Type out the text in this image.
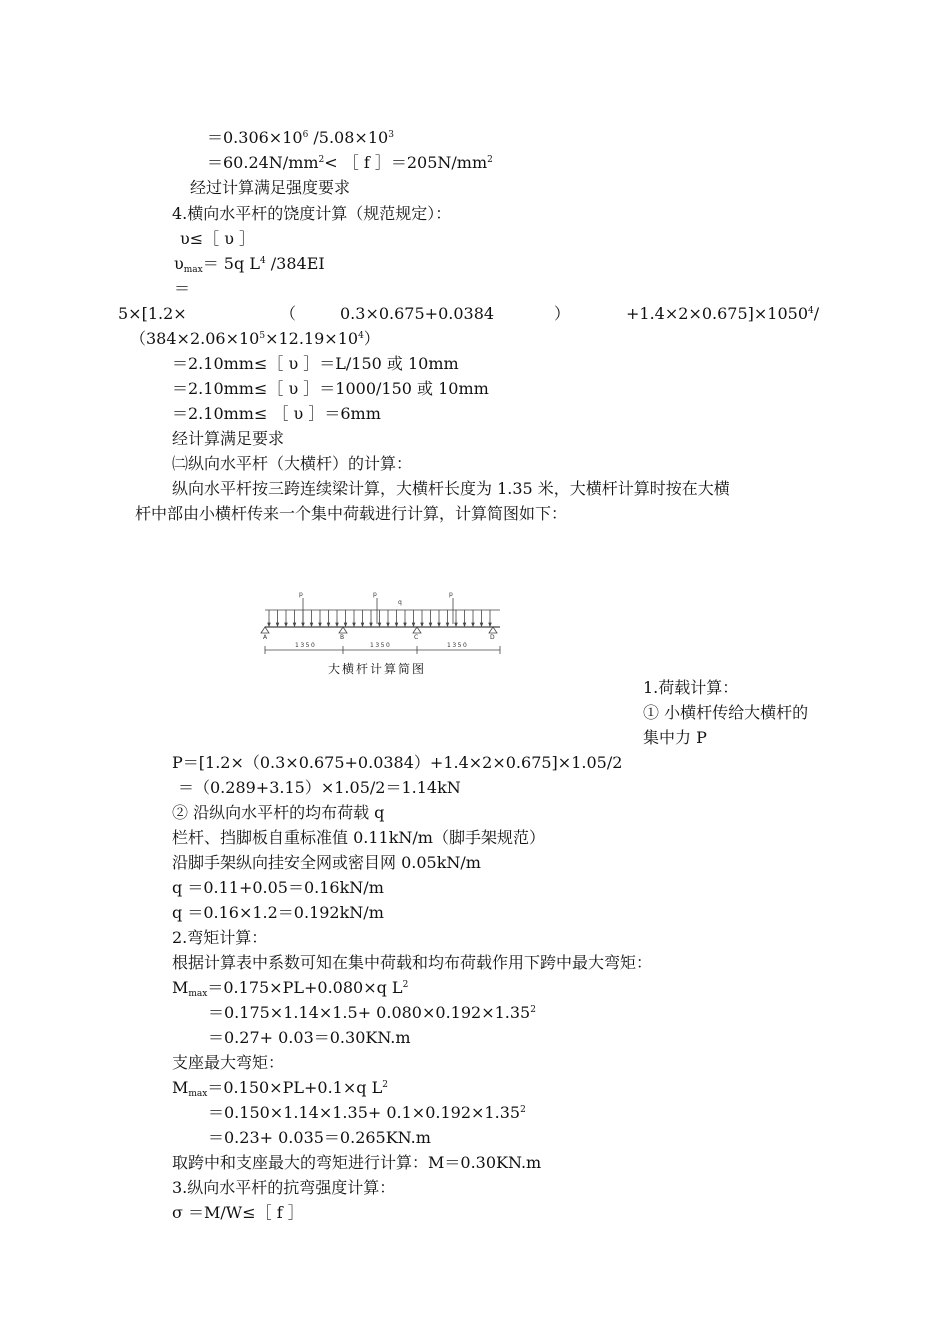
$=0.306\times 10^6$ $/5.08\times 10^3$
$=60.24N/mm^2<$ ［ f $]=205N/mm^2$
经过计算满足强度要求
4.横向水平杆的饶度计算（规范规定）：
υ≤［ υ ］
$\upsilon_{max}= 5q$ $L^4$ /384EI
＝

5×[1.2×

	（

	0.3×0.675+0.0384

	）

	$+1.4\times 2\times 0.675]\times 1050^4/$

$(384\times 2.06\times 10^5\times 12.19\times 10^4)$
＝2.10mm≤［ υ ］＝L/150 或 10mm
＝2.10mm≤［ υ ］＝1000/150 或 10mm
＝2.10mm≤ ［ υ ］＝6mm
经计算满足要求
㈡纵向水平杆（大横杆）的计算：
纵向水平杆按三跨连续梁计算，大横杆长度为 1.35 米，大横杆计算时按在大横
杆中部由小横杆传来一个集中荷载进行计算，计算简图如下：
p	p
q
p
A	B	C	D
1350	1350	1350
大横杆计算简图
1.荷载计算：
① 小横杆传给大横杆的
集中力 P
P＝[1.2×（0.3×0.675+0.0384）+1.4×2×0.675]×1.05/2
＝（0.289+3.15）×1.05/2＝1.14kN
② 沿纵向水平杆的均布荷载 q
栏杆、挡脚板自重标准值 0.11kN/m（脚手架规范）
沿脚手架纵向挂安全网或密目网 0.05kN/m
q ＝0.11+0.05＝0.16kN/m
q ＝0.16×1.2＝0.192kN/m
2.弯矩计算：
根据计算表中系数可知在集中荷载和均布荷载作用下跨中最大弯矩：
$M_{max}=0.175\times PL+0.080\times q$ $L^2$
$=0.175\times 1.14\times 1.5+ 0.080\times 0.192\times 1.35^2$
＝0.27+ 0.03＝0.30KN.m
支座最大弯矩：
$M_{max}=0.150\times PL+0.1\times q$ $L^2$
$=0.150\times 1.14\times 1.35+ 0.1\times 0.192\times 1.35^2$
＝0.23+ 0.035＝0.265KN.m
取跨中和支座最大的弯矩进行计算：M＝0.30KN.m
3.纵向水平杆的抗弯强度计算：
σ ＝M/W≤［ f ］
